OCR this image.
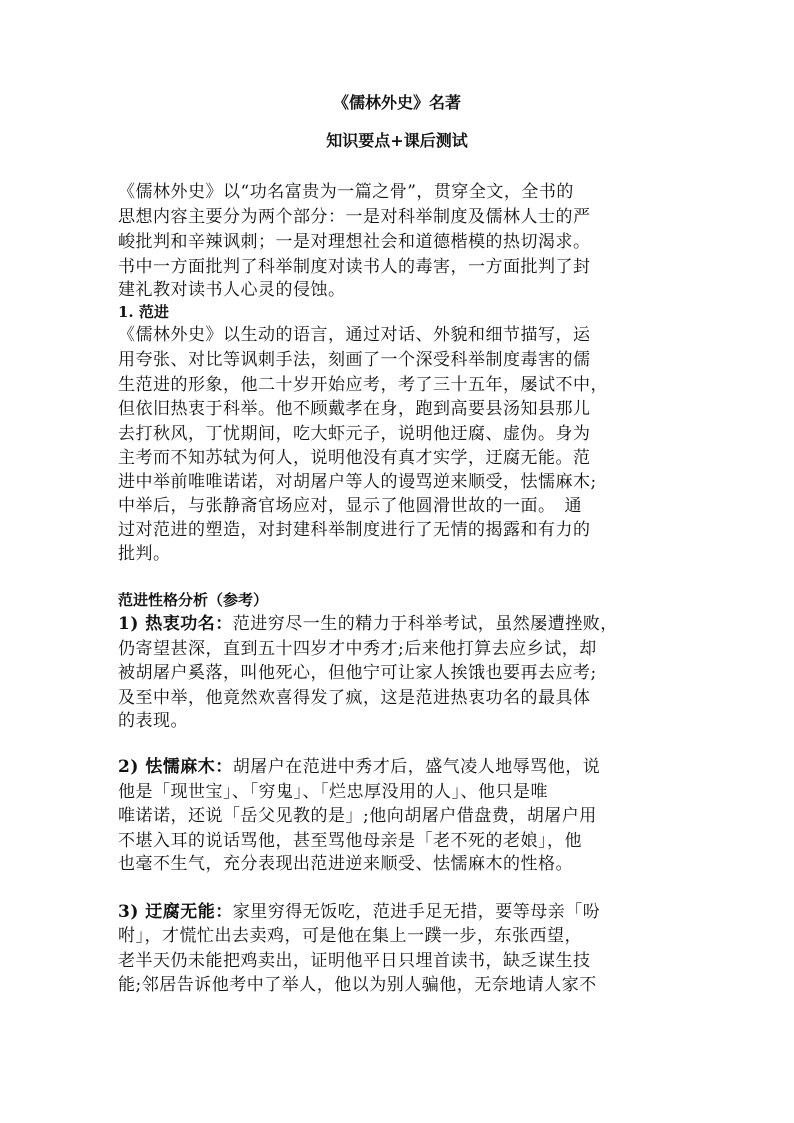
《儒林外史》名著
知识要点+课后测试
《儒林外史》以“功名富贵为一篇之骨”，贯穿全文，全书的
思想内容主要分为两个部分：一是对科举制度及儒林人士的严
峻批判和辛辣讽刺；一是对理想社会和道德楷模的热切渴求。
书中一方面批判了科举制度对读书人的毒害，一方面批判了封
建礼教对读书人心灵的侵蚀。
1. 范进
《儒林外史》以生动的语言，通过对话、外貌和细节描写，运
用夸张、对比等讽刺手法，刻画了一个深受科举制度毒害的儒
生范进的形象，他二十岁开始应考，考了三十五年，屡试不中，
但依旧热衷于科举。他不顾戴孝在身，跑到高要县汤知县那儿
去打秋风，丁忧期间，吃大虾元子，说明他迂腐、虚伪。身为
主考而不知苏轼为何人，说明他没有真才实学，迂腐无能。范
进中举前唯唯诺诺，对胡屠户等人的谩骂逆来顺受，怯懦麻木;
中举后，与张静斋官场应对，显示了他圆滑世故的一面。　通
过对范进的塑造，对封建科举制度进行了无情的揭露和有力的
批判。
范进性格分析（参考）
1) 热衷功名：范进穷尽一生的精力于科举考试，虽然屡遭挫败，
仍寄望甚深，直到五十四岁才中秀才;后来他打算去应乡试，却
被胡屠户奚落，叫他死心，但他宁可让家人挨饿也要再去应考;
及至中举，他竟然欢喜得发了疯，这是范进热衷功名的最具体
的表现。
2) 怯懦麻木：胡屠户在范进中秀才后，盛气凌人地辱骂他，说
他是「现世宝」、「穷鬼」、「烂忠厚没用的人」、他只是唯
唯诺诺，还说「岳父见教的是」;他向胡屠户借盘费，胡屠户用
不堪入耳的说话骂他，甚至骂他母亲是「老不死的老娘」，他
也毫不生气，充分表现出范进逆来顺受、怯懦麻木的性格。
3) 迂腐无能：家里穷得无饭吃，范进手足无措，要等母亲「吩
咐」，才慌忙出去卖鸡，可是他在集上一蹼一步，东张西望，
老半天仍未能把鸡卖出，证明他平日只埋首读书，缺乏谋生技
能;邻居告诉他考中了举人，他以为别人骗他，无奈地请人家不
